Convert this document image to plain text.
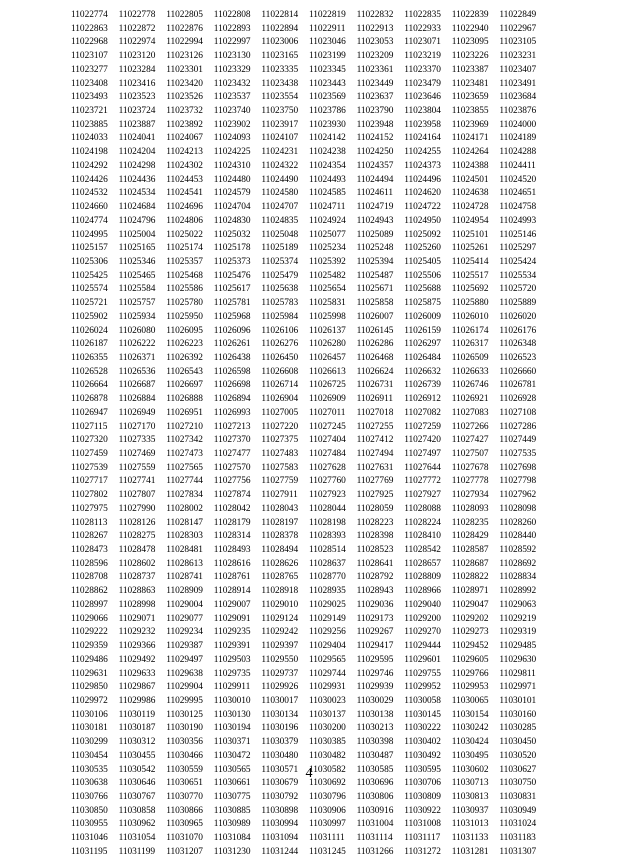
11022774	11022778	11022805	11022808	11022814	11022819	11022832	11022835	11022839	11022849
11022863	11022872	11022876	11022893	11022894	11022911	11022913	11022933	11022940	11022967
11022968	11022974	11022994	11022997	11023006	11023046	11023053	11023071	11023095	11023105
11023107	11023120	11023126	11023130	11023165	11023199	11023209	11023219	11023226	11023231
11023277	11023284	11023301	11023329	11023335	11023345	11023361	11023370	11023387	11023407
11023408	11023416	11023420	11023432	11023438	11023443	11023449	11023479	11023481	11023491
11023493	11023523	11023526	11023537	11023554	11023569	11023637	11023646	11023659	11023684
11023721	11023724	11023732	11023740	11023750	11023786	11023790	11023804	11023855	11023876
11023885	11023887	11023892	11023902	11023917	11023930	11023948	11023958	11023969	11024000
11024033	11024041	11024067	11024093	11024107	11024142	11024152	11024164	11024171	11024189
11024198	11024204	11024213	11024225	11024231	11024238	11024250	11024255	11024264	11024288
11024292	11024298	11024302	11024310	11024322	11024354	11024357	11024373	11024388	11024411
11024426	11024436	11024453	11024480	11024490	11024493	11024494	11024496	11024501	11024520
11024532	11024534	11024541	11024579	11024580	11024585	11024611	11024620	11024638	11024651
11024660	11024684	11024696	11024704	11024707	11024711	11024719	11024722	11024728	11024758
11024774	11024796	11024806	11024830	11024835	11024924	11024943	11024950	11024954	11024993
11024995	11025004	11025022	11025032	11025048	11025077	11025089	11025092	11025101	11025146
11025157	11025165	11025174	11025178	11025189	11025234	11025248	11025260	11025261	11025297
11025306	11025346	11025357	11025373	11025374	11025392	11025394	11025405	11025414	11025424
11025425	11025465	11025468	11025476	11025479	11025482	11025487	11025506	11025517	11025534
11025574	11025584	11025586	11025617	11025638	11025654	11025671	11025688	11025692	11025720
11025721	11025757	11025780	11025781	11025783	11025831	11025858	11025875	11025880	11025889
11025902	11025934	11025950	11025968	11025984	11025998	11026007	11026009	11026010	11026020
11026024	11026080	11026095	11026096	11026106	11026137	11026145	11026159	11026174	11026176
11026187	11026222	11026223	11026261	11026276	11026280	11026286	11026297	11026317	11026348
11026355	11026371	11026392	11026438	11026450	11026457	11026468	11026484	11026509	11026523
11026528	11026536	11026543	11026598	11026608	11026613	11026624	11026632	11026633	11026660
11026664	11026687	11026697	11026698	11026714	11026725	11026731	11026739	11026746	11026781
11026878	11026884	11026888	11026894	11026904	11026909	11026911	11026912	11026921	11026928
11026947	11026949	11026951	11026993	11027005	11027011	11027018	11027082	11027083	11027108
11027115	11027170	11027210	11027213	11027220	11027245	11027255	11027259	11027266	11027286
11027320	11027335	11027342	11027370	11027375	11027404	11027412	11027420	11027427	11027449
11027459	11027469	11027473	11027477	11027483	11027484	11027494	11027497	11027507	11027535
11027539	11027559	11027565	11027570	11027583	11027628	11027631	11027644	11027678	11027698
11027717	11027741	11027744	11027756	11027759	11027760	11027769	11027772	11027778	11027798
11027802	11027807	11027834	11027874	11027911	11027923	11027925	11027927	11027934	11027962
11027975	11027990	11028002	11028042	11028043	11028044	11028059	11028088	11028093	11028098
11028113	11028126	11028147	11028179	11028197	11028198	11028223	11028224	11028235	11028260
11028267	11028275	11028303	11028314	11028378	11028393	11028398	11028410	11028429	11028440
11028473	11028478	11028481	11028493	11028494	11028514	11028523	11028542	11028587	11028592
11028596	11028602	11028613	11028616	11028626	11028637	11028641	11028657	11028687	11028692
11028708	11028737	11028741	11028761	11028765	11028770	11028792	11028809	11028822	11028834
11028862	11028863	11028909	11028914	11028918	11028935	11028943	11028966	11028971	11028992
11028997	11028998	11029004	11029007	11029010	11029025	11029036	11029040	11029047	11029063
11029066	11029071	11029077	11029091	11029124	11029149	11029173	11029200	11029202	11029219
11029222	11029232	11029234	11029235	11029242	11029256	11029267	11029270	11029273	11029319
11029359	11029366	11029387	11029391	11029397	11029404	11029417	11029444	11029452	11029485
11029486	11029492	11029497	11029503	11029550	11029565	11029595	11029601	11029605	11029630
11029631	11029633	11029638	11029735	11029737	11029744	11029746	11029755	11029766	11029811
11029850	11029867	11029904	11029911	11029926	11029931	11029939	11029952	11029953	11029971
11029972	11029986	11029995	11030010	11030017	11030023	11030029	11030058	11030065	11030101
11030106	11030119	11030125	11030130	11030134	11030137	11030138	11030145	11030154	11030160
11030181	11030187	11030190	11030194	11030196	11030200	11030213	11030222	11030242	11030285
11030299	11030312	11030356	11030371	11030379	11030385	11030398	11030402	11030424	11030450
11030454	11030455	11030466	11030472	11030480	11030482	11030487	11030492	11030495	11030520
11030535	11030542	11030559	11030565	11030571	11030582	11030585	11030595	11030602	11030627
11030638	11030646	11030651	11030661	11030679	11030692	11030696	11030706	11030713	11030750
11030766	11030767	11030770	11030775	11030792	11030796	11030806	11030809	11030813	11030831
11030850	11030858	11030866	11030885	11030898	11030906	11030916	11030922	11030937	11030949
11030955	11030962	11030965	11030989	11030994	11030997	11031004	11031008	11031013	11031024
11031046	11031054	11031070	11031084	11031094	11031111	11031114	11031117	11031133	11031183
11031195	11031199	11031207	11031230	11031244	11031245	11031266	11031272	11031281	11031307
4
